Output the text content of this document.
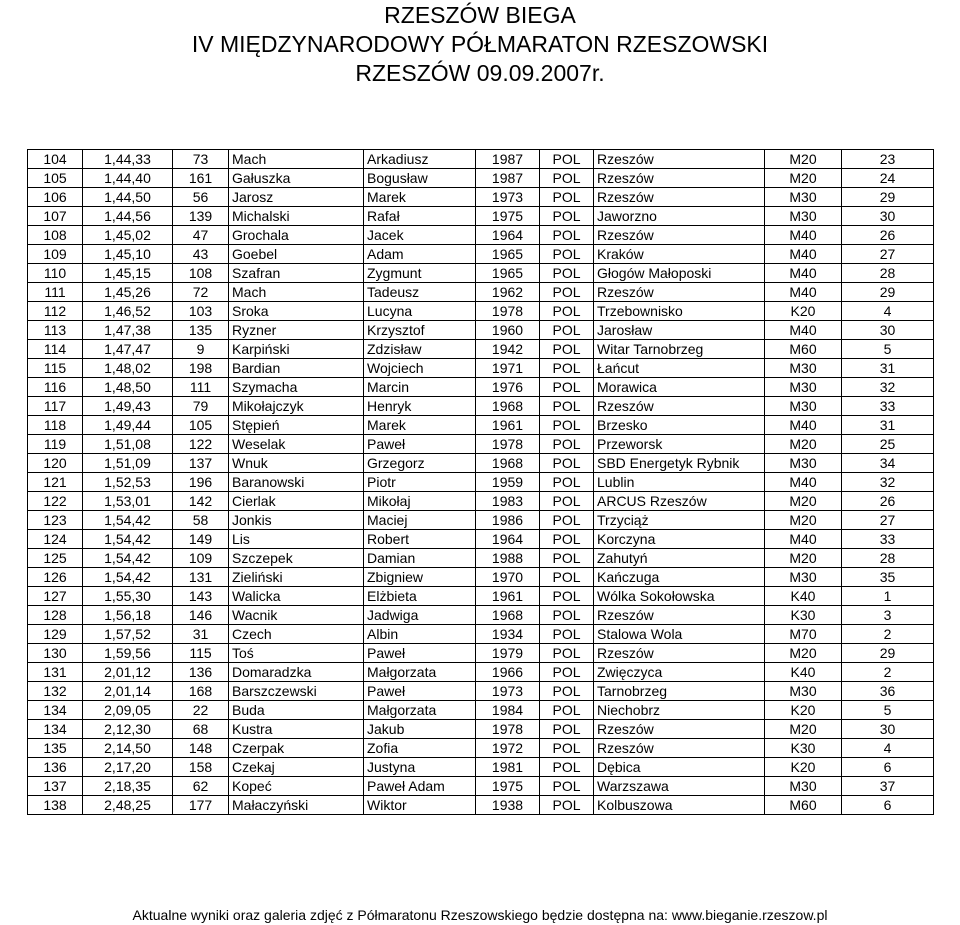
RZESZÓW BIEGA
IV MIĘDZYNARODOWY PÓŁMARATON RZESZOWSKI
RZESZÓW 09.09.2007r.
104	1,44,33	73	Mach	Arkadiusz	1987	POL	Rzeszów	M20	23
105	1,44,40	161	Gałuszka	Bogusław	1987	POL	Rzeszów	M20	24
106	1,44,50	56	Jarosz	Marek	1973	POL	Rzeszów	M30	29
107	1,44,56	139	Michalski	Rafał	1975	POL	Jaworzno	M30	30
108	1,45,02	47	Grochala	Jacek	1964	POL	Rzeszów	M40	26
109	1,45,10	43	Goebel	Adam	1965	POL	Kraków	M40	27
110	1,45,15	108	Szafran	Zygmunt	1965	POL	Głogów Małoposki	M40	28
111	1,45,26	72	Mach	Tadeusz	1962	POL	Rzeszów	M40	29
112	1,46,52	103	Sroka	Lucyna	1978	POL	Trzebownisko	K20	4
113	1,47,38	135	Ryzner	Krzysztof	1960	POL	Jarosław	M40	30
114	1,47,47	9	Karpiński	Zdzisław	1942	POL	Witar Tarnobrzeg	M60	5
115	1,48,02	198	Bardian	Wojciech	1971	POL	Łańcut	M30	31
116	1,48,50	111	Szymacha	Marcin	1976	POL	Morawica	M30	32
117	1,49,43	79	Mikołajczyk	Henryk	1968	POL	Rzeszów	M30	33
118	1,49,44	105	Stępień	Marek	1961	POL	Brzesko	M40	31
119	1,51,08	122	Weselak	Paweł	1978	POL	Przeworsk	M20	25
120	1,51,09	137	Wnuk	Grzegorz	1968	POL	SBD Energetyk Rybnik	M30	34
121	1,52,53	196	Baranowski	Piotr	1959	POL	Lublin	M40	32
122	1,53,01	142	Cierlak	Mikołaj	1983	POL	ARCUS Rzeszów	M20	26
123	1,54,42	58	Jonkis	Maciej	1986	POL	Trzyciąż	M20	27
124	1,54,42	149	Lis	Robert	1964	POL	Korczyna	M40	33
125	1,54,42	109	Szczepek	Damian	1988	POL	Zahutyń	M20	28
126	1,54,42	131	Zieliński	Zbigniew	1970	POL	Kańczuga	M30	35
127	1,55,30	143	Walicka	Elżbieta	1961	POL	Wólka Sokołowska	K40	1
128	1,56,18	146	Wacnik	Jadwiga	1968	POL	Rzeszów	K30	3
129	1,57,52	31	Czech	Albin	1934	POL	Stalowa Wola	M70	2
130	1,59,56	115	Toś	Paweł	1979	POL	Rzeszów	M20	29
131	2,01,12	136	Domaradzka	Małgorzata	1966	POL	Zwięczyca	K40	2
132	2,01,14	168	Barszczewski	Paweł	1973	POL	Tarnobrzeg	M30	36
134	2,09,05	22	Buda	Małgorzata	1984	POL	Niechobrz	K20	5
134	2,12,30	68	Kustra	Jakub	1978	POL	Rzeszów	M20	30
135	2,14,50	148	Czerpak	Zofia	1972	POL	Rzeszów	K30	4
136	2,17,20	158	Czekaj	Justyna	1981	POL	Dębica	K20	6
137	2,18,35	62	Kopeć	Paweł Adam	1975	POL	Warzszawa	M30	37
138	2,48,25	177	Małaczyński	Wiktor	1938	POL	Kolbuszowa	M60	6
Aktualne wyniki oraz galeria zdjęć z Półmaratonu Rzeszowskiego będzie dostępna na: www.bieganie.rzeszow.pl
